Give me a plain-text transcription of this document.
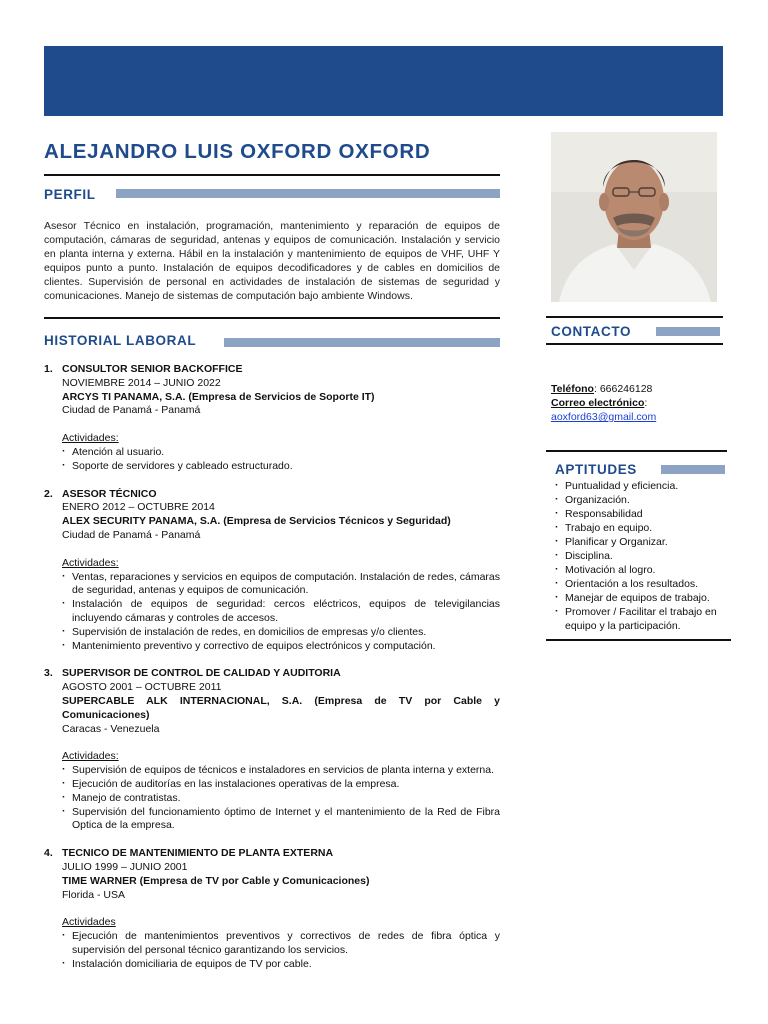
ALEJANDRO LUIS OXFORD OXFORD
PERFIL
Asesor Técnico en instalación, programación, mantenimiento y reparación de equipos de computación, cámaras de seguridad, antenas y equipos de comunicación. Instalación y servicio en planta interna y externa. Hábil en la instalación y mantenimiento de equipos de VHF, UHF Y equipos punto a punto. Instalación de equipos decodificadores y de cables en domicilios de clientes. Supervisión de personal en actividades de instalación de sistemas de seguridad y comunicaciones. Manejo de sistemas de computación bajo ambiente Windows.
HISTORIAL LABORAL
1. CONSULTOR SENIOR BACKOFFICE
NOVIEMBRE 2014 – JUNIO 2022
ARCYS TI PANAMA, S.A. (Empresa de Servicios de Soporte IT)
Ciudad de Panamá - Panamá
Actividades:
· Atención al usuario.
· Soporte de servidores y cableado estructurado.
2. ASESOR TÉCNICO
ENERO 2012 – OCTUBRE 2014
ALEX SECURITY PANAMA, S.A. (Empresa de Servicios Técnicos y Seguridad)
Ciudad de Panamá - Panamá
Actividades:
· Ventas, reparaciones y servicios en equipos de computación. Instalación de redes, cámaras de seguridad, antenas y equipos de comunicación.
· Instalación de equipos de seguridad: cercos eléctricos, equipos de televigilancias incluyendo cámaras y controles de accesos.
· Supervisión de instalación de redes, en domicilios de empresas y/o clientes.
· Mantenimiento preventivo y correctivo de equipos electrónicos y computación.
3. SUPERVISOR DE CONTROL DE CALIDAD Y AUDITORIA
AGOSTO 2001 – OCTUBRE 2011
SUPERCABLE ALK INTERNACIONAL, S.A. (Empresa de TV por Cable y Comunicaciones)
Caracas - Venezuela
Actividades:
· Supervisión de equipos de técnicos e instaladores en servicios de planta interna y externa.
· Ejecución de auditorías en las instalaciones operativas de la empresa.
· Manejo de contratistas.
· Supervisión del funcionamiento óptimo de Internet y el mantenimiento de la Red de Fibra Optica de la empresa.
4. TECNICO DE MANTENIMIENTO DE PLANTA EXTERNA
JULIO 1999 – JUNIO 2001
TIME WARNER (Empresa de TV por Cable y Comunicaciones)
Florida - USA
Actividades
· Ejecución de mantenimientos preventivos y correctivos de redes de fibra óptica y supervisión del personal técnico garantizando los servicios.
· Instalación domiciliaria de equipos de TV por cable.
CONTACTO
Teléfono: 666246128
Correo electrónico:
aoxford63@gmail.com
APTITUDES
· Puntualidad y eficiencia.
· Organización.
· Responsabilidad
· Trabajo en equipo.
· Planificar y Organizar.
· Disciplina.
· Motivación al logro.
· Orientación a los resultados.
· Manejar de equipos de trabajo.
· Promover / Facilitar el trabajo en equipo y la participación.
